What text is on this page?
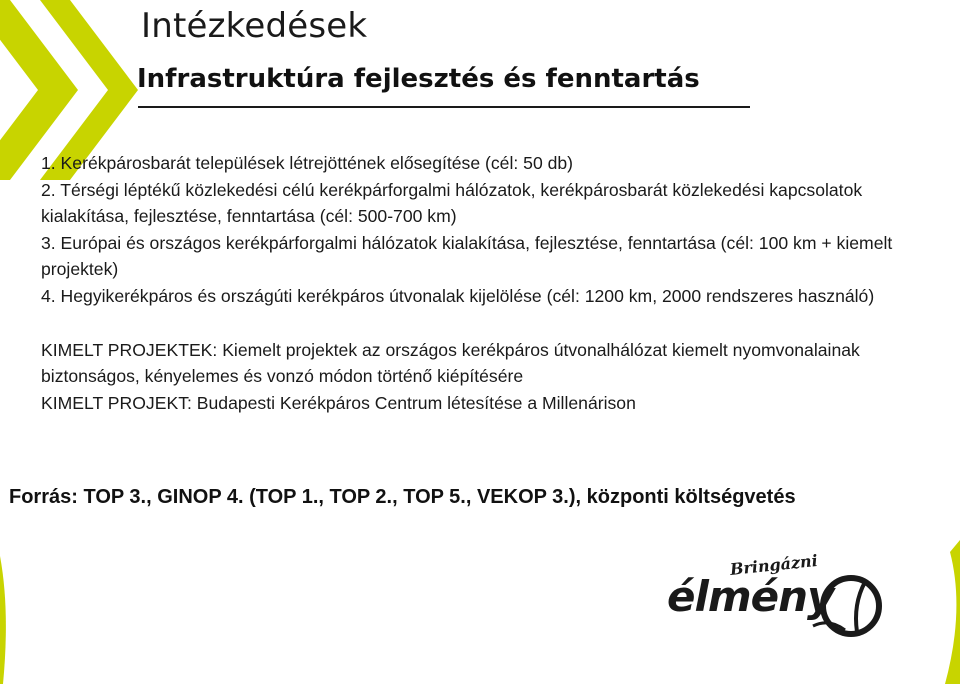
Intézkedések
Infrastruktúra fejlesztés és fenntartás

1. Kerékpárosbarát települések létrejöttének elősegítése (cél: 50 db)

2. Térségi léptékű közlekedési célú kerékpárforgalmi hálózatok, kerékpárosbarát közlekedési kapcsolatok kialakítása, fejlesztése, fenntartása (cél: 500-700 km)

3. Európai és országos kerékpárforgalmi hálózatok kialakítása, fejlesztése, fenntartása (cél: 100 km + kiemelt projektek)

4. Hegyikerékpáros és országúti kerékpáros útvonalak kijelölése (cél: 1200 km, 2000 rendszeres használó)

KIMELT PROJEKTEK: Kiemelt projektek az országos kerékpáros útvonalhálózat kiemelt nyomvonalainak biztonságos, kényelemes és vonzó módon történő kiépítésére

KIMELT PROJEKT: Budapesti Kerékpáros Centrum létesítése a Millenárison

Forrás: TOP 3., GINOP 4. (TOP 1., TOP 2., TOP 5., VEKOP 3.), központi költségvetés

Bringázni
élmény
